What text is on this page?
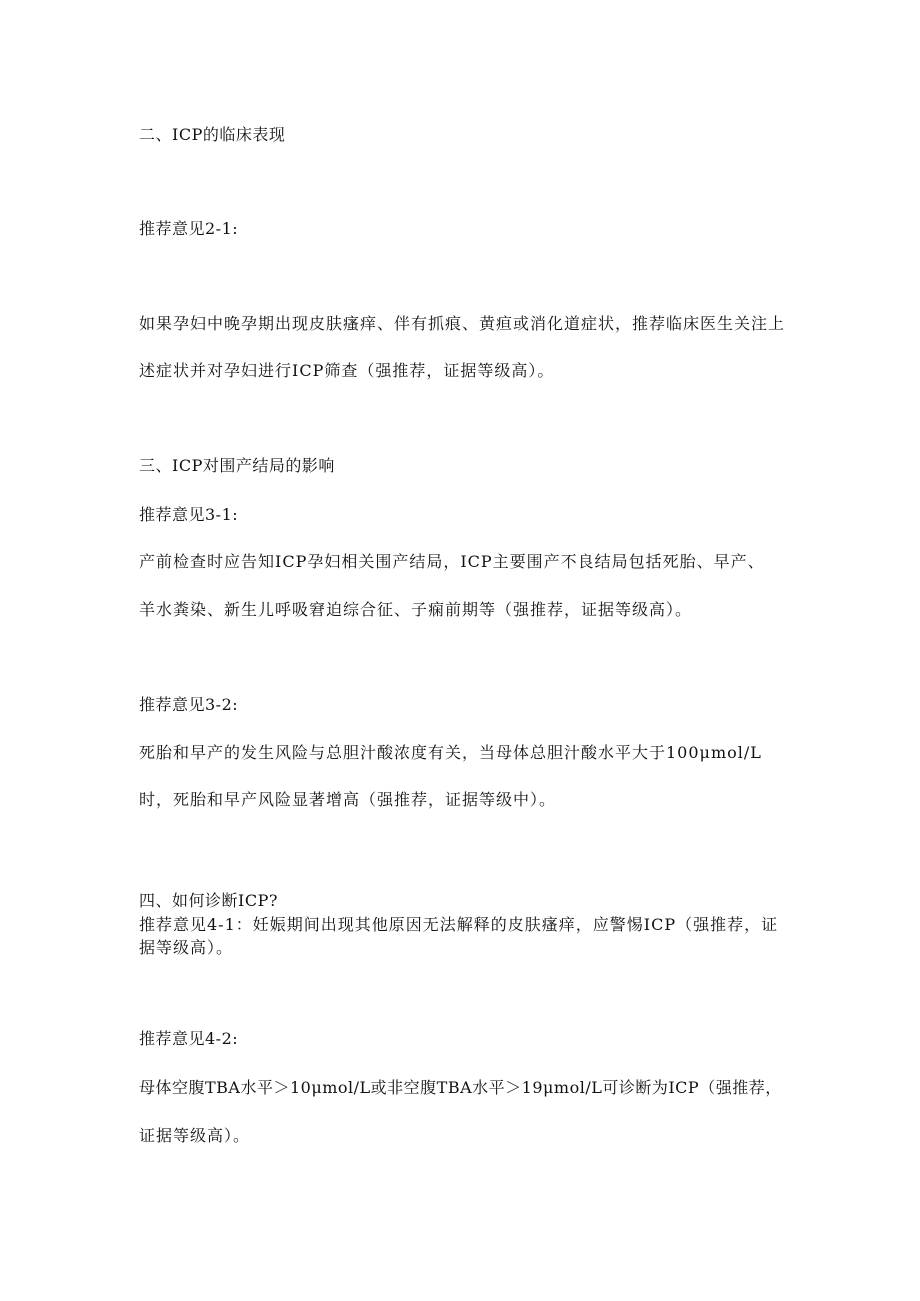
二、ICP的临床表现
推荐意见2-1:
如果孕妇中晚孕期出现皮肤瘙痒、伴有抓痕、黄疸或消化道症状，推荐临床医生关注上
述症状并对孕妇进行ICP筛查（强推荐，证据等级高）。
三、ICP对围产结局的影响
推荐意见3-1:
产前检查时应告知ICP孕妇相关围产结局，ICP主要围产不良结局包括死胎、早产、
羊水粪染、新生儿呼吸窘迫综合征、子痫前期等（强推荐，证据等级高）。
推荐意见3-2:
死胎和早产的发生风险与总胆汁酸浓度有关，当母体总胆汁酸水平大于100μmol/L
时，死胎和早产风险显著增高（强推荐，证据等级中）。
四、如何诊断ICP?
推荐意见4-1：妊娠期间出现其他原因无法解释的皮肤瘙痒，应警惕ICP（强推荐，证
据等级高）。
推荐意见4-2:
母体空腹TBA水平＞10μmol/L或非空腹TBA水平＞19μmol/L可诊断为ICP（强推荐，
证据等级高）。
